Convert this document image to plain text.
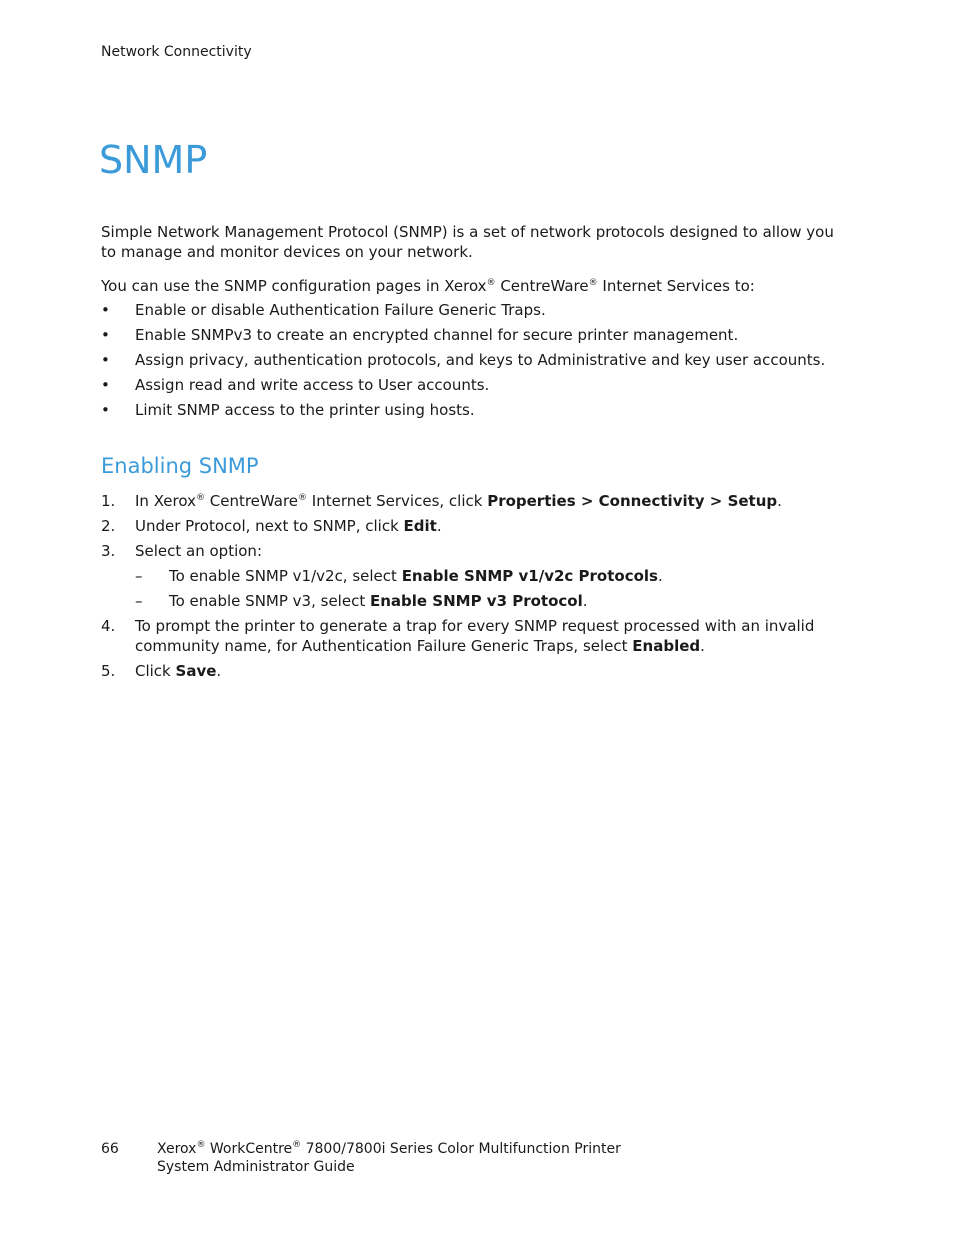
Network Connectivity
SNMP

Simple Network Management Protocol (SNMP) is a set of network protocols designed to allow you to manage and monitor devices on your network.

You can use the SNMP configuration pages in Xerox® CentreWare® Internet Services to:

• Enable or disable Authentication Failure Generic Traps.
• Enable SNMPv3 to create an encrypted channel for secure printer management.
• Assign privacy, authentication protocols, and keys to Administrative and key user accounts.
• Assign read and write access to User accounts.
• Limit SNMP access to the printer using hosts.
Enabling SNMP
1. In Xerox® CentreWare® Internet Services, click Properties > Connectivity > Setup.
2. Under Protocol, next to SNMP, click Edit.
3. Select an option:
– To enable SNMP v1/v2c, select Enable SNMP v1/v2c Protocols.
– To enable SNMP v3, select Enable SNMP v3 Protocol.
4. To prompt the printer to generate a trap for every SNMP request processed with an invalid community name, for Authentication Failure Generic Traps, select Enabled.
5. Click Save.
66	Xerox® WorkCentre® 7800/7800i Series Color Multifunction Printer
System Administrator Guide
